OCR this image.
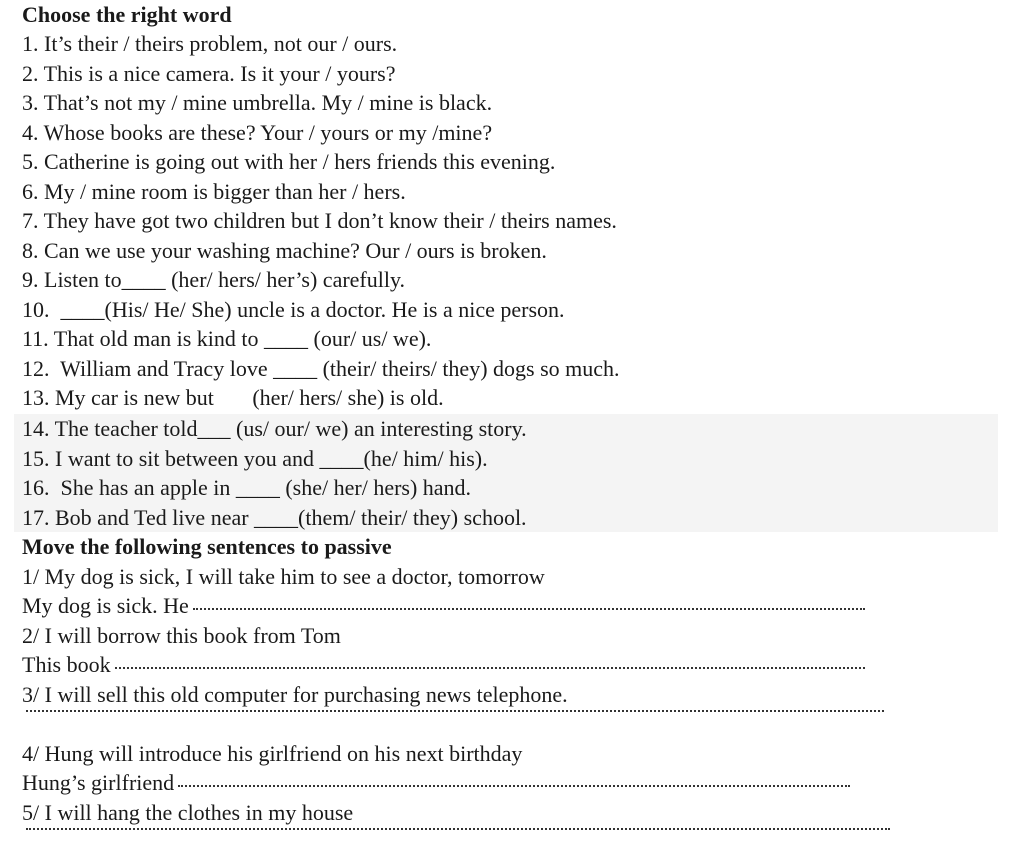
Choose the right word
1. It’s their / theirs problem, not our / ours.
2. This is a nice camera. Is it your / yours?
3. That’s not my / mine umbrella. My / mine is black.
4. Whose books are these? Your / yours or my /mine?
5. Catherine is going out with her / hers friends this evening.
6. My / mine room is bigger than her / hers.
7. They have got two children but I don’t know their / theirs names.
8. Can we use your washing machine? Our / ours is broken.
9. Listen to____ (her/ hers/ her’s) carefully.
10.  ____(His/ He/ She) uncle is a doctor. He is a nice person.
11. That old man is kind to ____ (our/ us/ we).
12.  William and Tracy love ____ (their/ theirs/ they) dogs so much.
13. My car is new but       (her/ hers/ she) is old.
14. The teacher told___ (us/ our/ we) an interesting story.
15. I want to sit between you and ____(he/ him/ his).
16.  She has an apple in ____ (she/ her/ hers) hand.
17. Bob and Ted live near ____(them/ their/ they) school.
Move the following sentences to passive
1/ My dog is sick, I will take him to see a doctor, tomorrow
My dog is sick. He
2/ I will borrow this book from Tom
This book
3/ I will sell this old computer for purchasing news telephone.
4/ Hung will introduce his girlfriend on his next birthday
Hung’s girlfriend
5/ I will hang the clothes in my house
